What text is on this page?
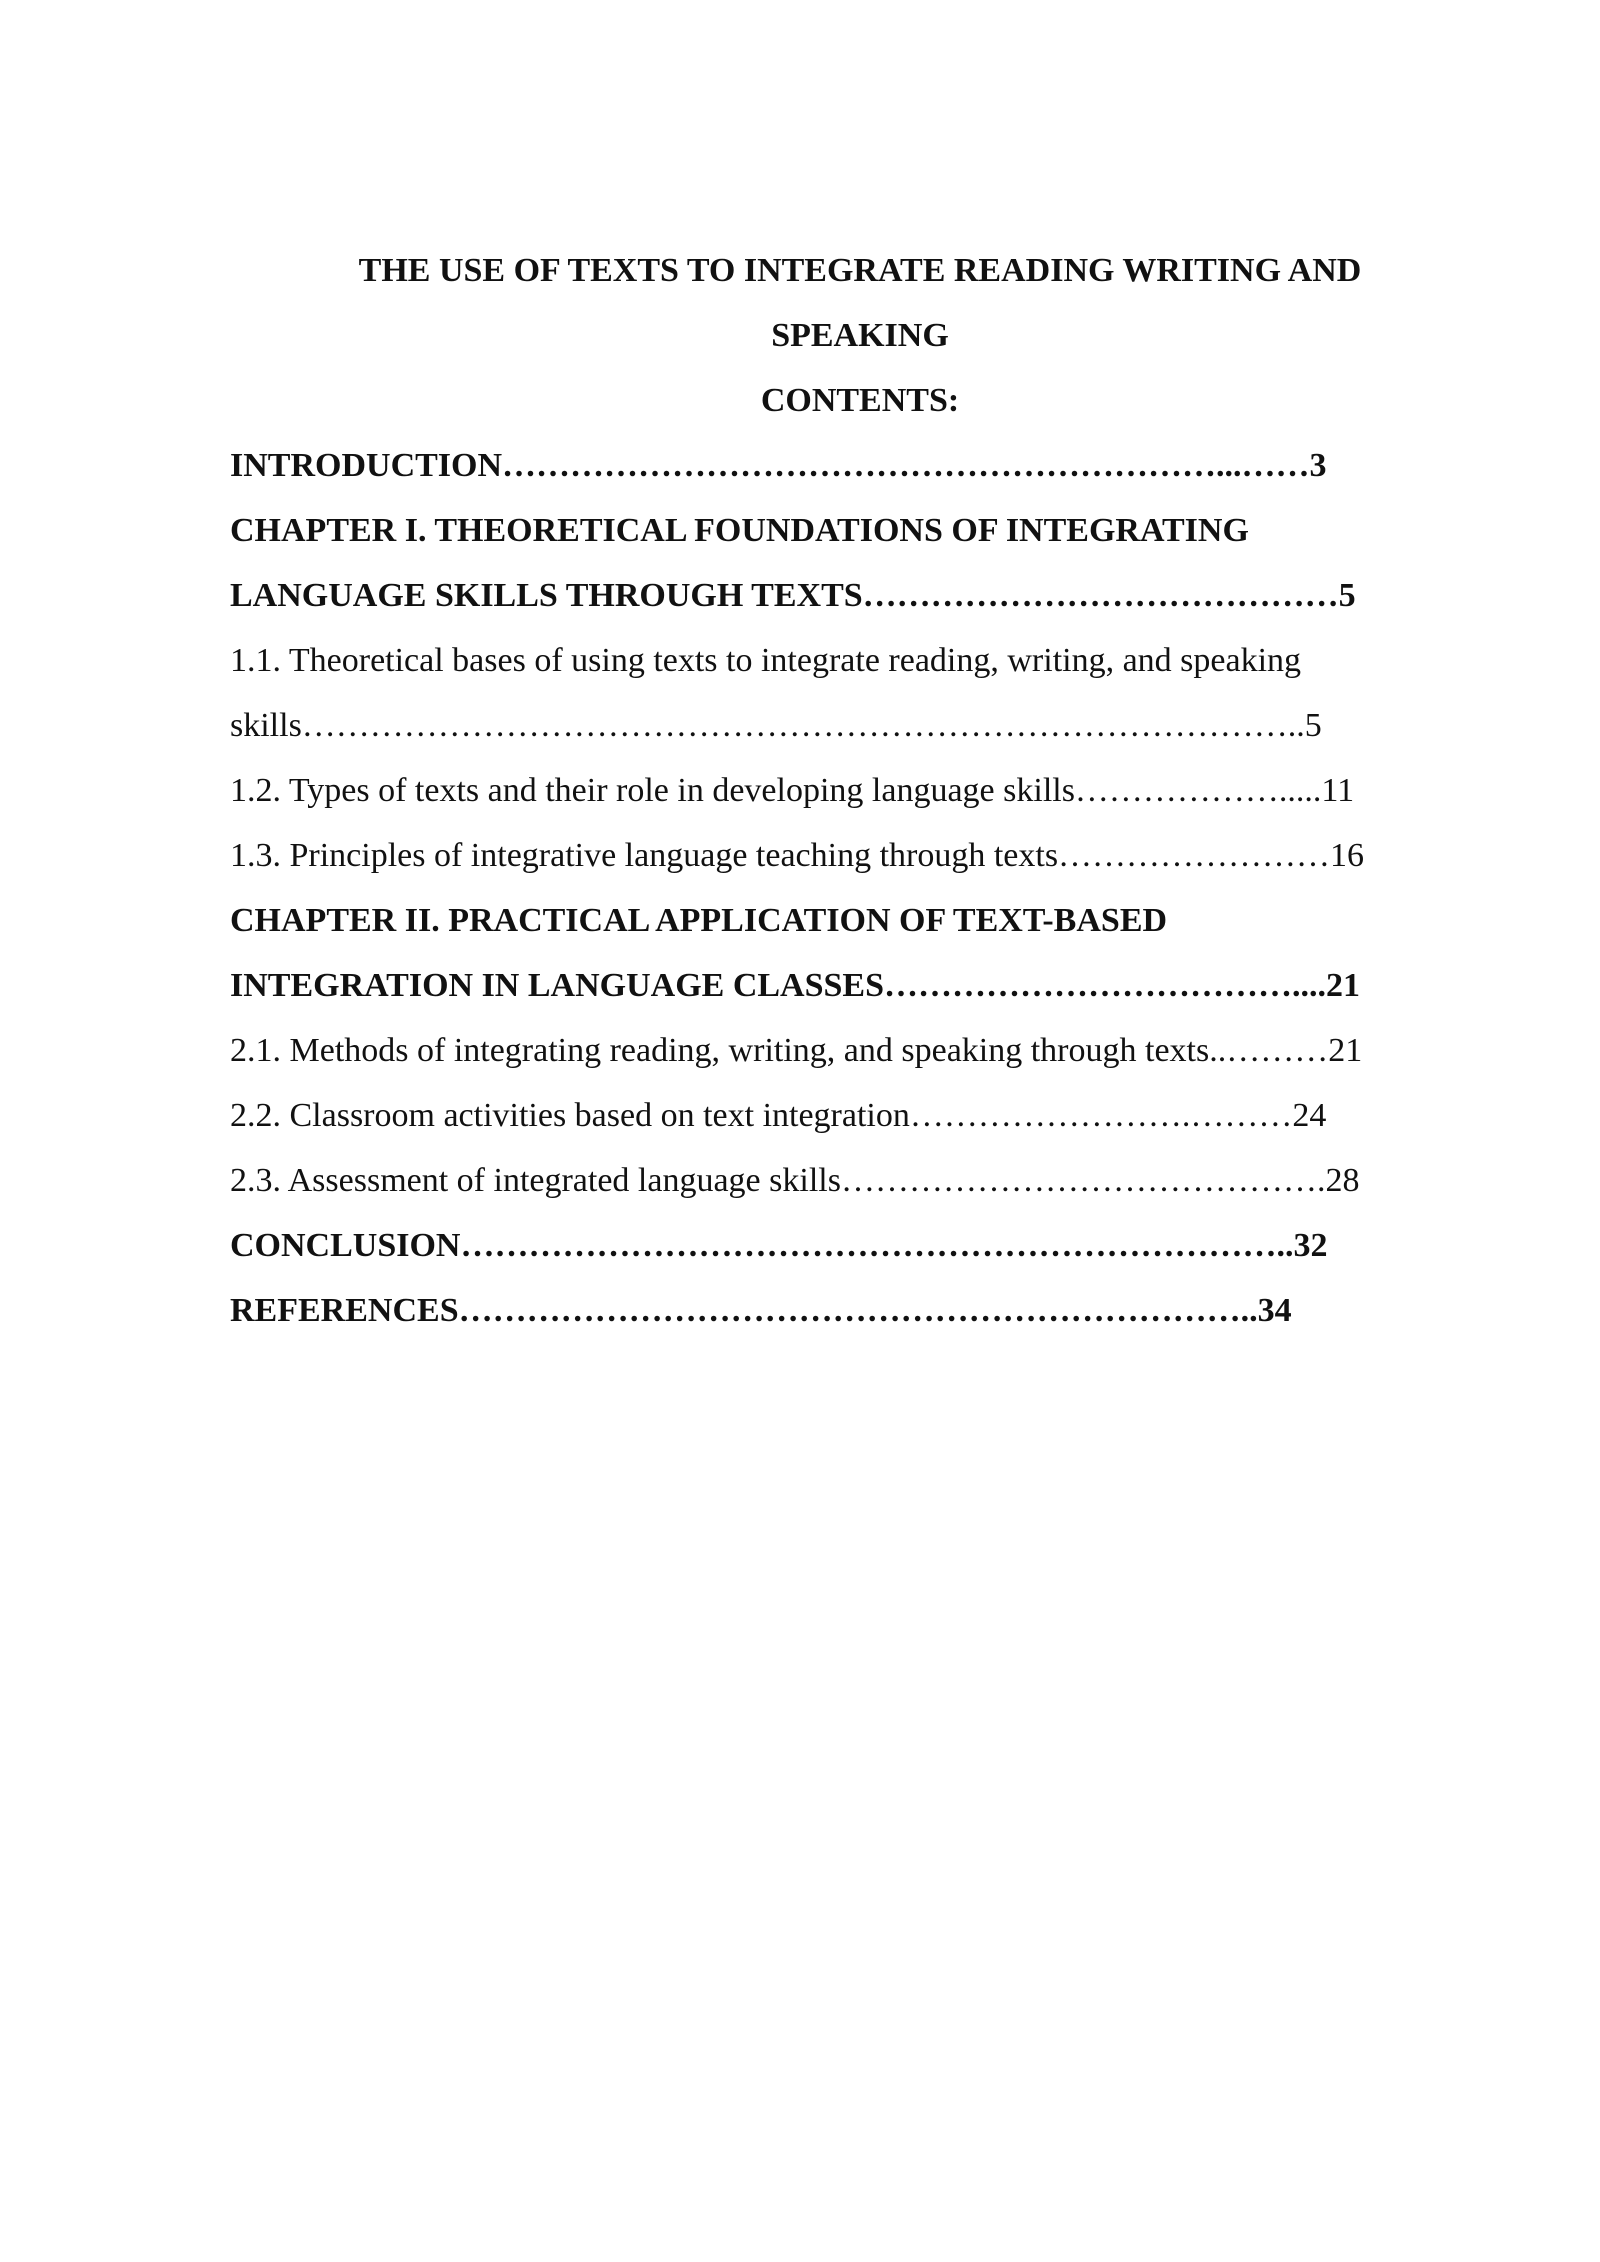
THE USE OF TEXTS TO INTEGRATE READING WRITING AND
SPEAKING
CONTENTS:
INTRODUCTION………………………………………………………...……3
CHAPTER I. THEORETICAL FOUNDATIONS OF INTEGRATING
LANGUAGE SKILLS THROUGH TEXTS……………………………………5
1.1. Theoretical bases of using texts to integrate reading, writing, and speaking
skills……………………………………………………………………………..5
1.2. Types of texts and their role in developing language skills……………….....11
1.3. Principles of integrative language teaching through texts……………………16
CHAPTER II. PRACTICAL APPLICATION OF TEXT-BASED
INTEGRATION IN LANGUAGE CLASSES………………………………....21
2.1. Methods of integrating reading, writing, and speaking through texts..………21
2.2. Classroom activities based on text integration…………………….………24
2.3. Assessment of integrated language skills…………………………………….28
CONCLUSION………………………………………………………………..32
REFERENCES……………………………………………………………..34
